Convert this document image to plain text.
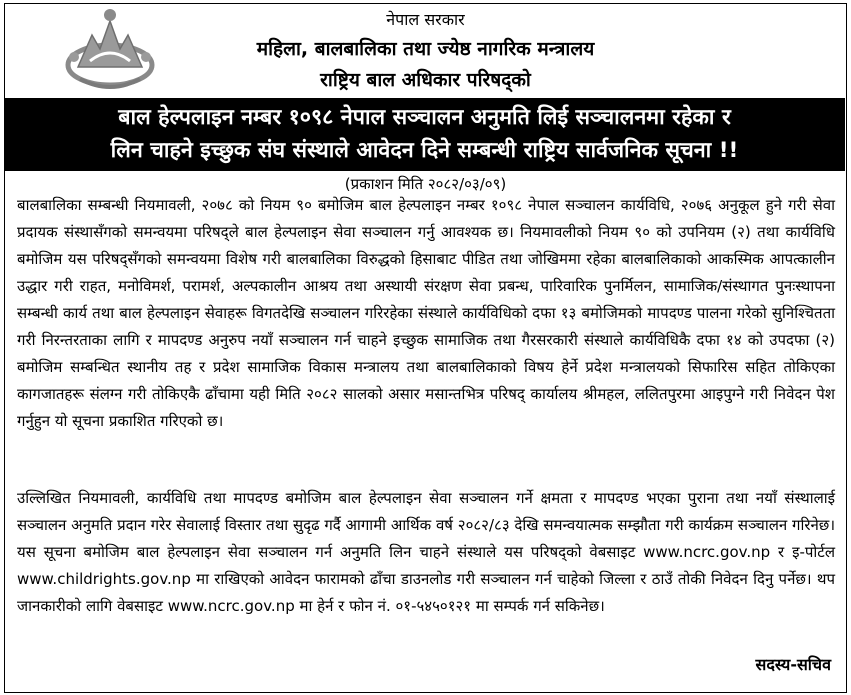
नेपाल सरकार
महिला, बालबालिका तथा ज्येष्ठ नागरिक मन्त्रालय
राष्ट्रिय बाल अधिकार परिषद्को
बाल हेल्पलाइन नम्बर १०९८ नेपाल सञ्चालन अनुमति लिई सञ्चालनमा रहेका र
लिन चाहने इच्छुक संघ संस्थाले आवेदन दिने सम्बन्धी राष्ट्रिय सार्वजनिक सूचना !!
(प्रकाशन मिति २०८२/०३/०९)

बालबालिका सम्बन्धी नियमावली, २०७८ को नियम ९० बमोजिम बाल हेल्पलाइन नम्बर १०९८ नेपाल सञ्चालन कार्यविधि, २०७६ अनुकूल हुने गरी सेवा प्रदायक संस्थासँगको समन्वयमा परिषद्ले बाल हेल्पलाइन सेवा सञ्चालन गर्नु आवश्यक छ। नियमावलीको नियम ९० को उपनियम (२) तथा कार्यविधि बमोजिम यस परिषद्सँगको समन्वयमा विशेष गरी बालबालिका विरुद्धको हिसाबाट पीडित तथा जोखिममा रहेका बालबालिकाको आकस्मिक आपत्कालीन उद्धार गरी राहत, मनोविमर्श, परामर्श, अल्पकालीन आश्रय तथा अस्थायी संरक्षण सेवा प्रबन्ध, पारिवारिक पुनर्मिलन, सामाजिक/संस्थागत पुनःस्थापना सम्बन्धी कार्य तथा बाल हेल्पलाइन सेवाहरू विगतदेखि सञ्चालन गरिरहेका संस्थाले कार्यविधिको दफा १३ बमोजिमको मापदण्ड पालना गरेको सुनिश्चितता गरी निरन्तरताका लागि र मापदण्ड अनुरुप नयाँ सञ्चालन गर्न चाहने इच्छुक सामाजिक तथा गैरसरकारी संस्थाले कार्यविधिकै दफा १४ को उपदफा (२) बमोजिम सम्बन्धित स्थानीय तह र प्रदेश सामाजिक विकास मन्त्रालय तथा बालबालिकाको विषय हेर्ने प्रदेश मन्त्रालयको सिफारिस सहित तोकिएका कागजातहरू संलग्न गरी तोकिएकै ढाँचामा यही मिति २०८२ सालको असार मसान्तभित्र परिषद् कार्यालय श्रीमहल, ललितपुरमा आइपुग्ने गरी निवेदन पेश गर्नुहुन यो सूचना प्रकाशित गरिएको छ।

उल्लिखित नियमावली, कार्यविधि तथा मापदण्ड बमोजिम बाल हेल्पलाइन सेवा सञ्चालन गर्ने क्षमता र मापदण्ड भएका पुराना तथा नयाँ संस्थालाई सञ्चालन अनुमति प्रदान गरेर सेवालाई विस्तार तथा सुदृढ गर्दै आगामी आर्थिक वर्ष २०८२/८३ देखि समन्वयात्मक सम्झौता गरी कार्यक्रम सञ्चालन गरिनेछ। यस सूचना बमोजिम बाल हेल्पलाइन सेवा सञ्चालन गर्न अनुमति लिन चाहने संस्थाले यस परिषद्को वेबसाइट www.ncrc.gov.np र इ-पोर्टल www.childrights.gov.np मा राखिएको आवेदन फारामको ढाँचा डाउनलोड गरी सञ्चालन गर्न चाहेको जिल्ला र ठाउँ तोकी निवेदन दिनु पर्नेछ। थप जानकारीको लागि वेबसाइट www.ncrc.gov.np मा हेर्न र फोन नं. ०१-५४५०१२१ मा सम्पर्क गर्न सकिनेछ।

सदस्य-सचिव
